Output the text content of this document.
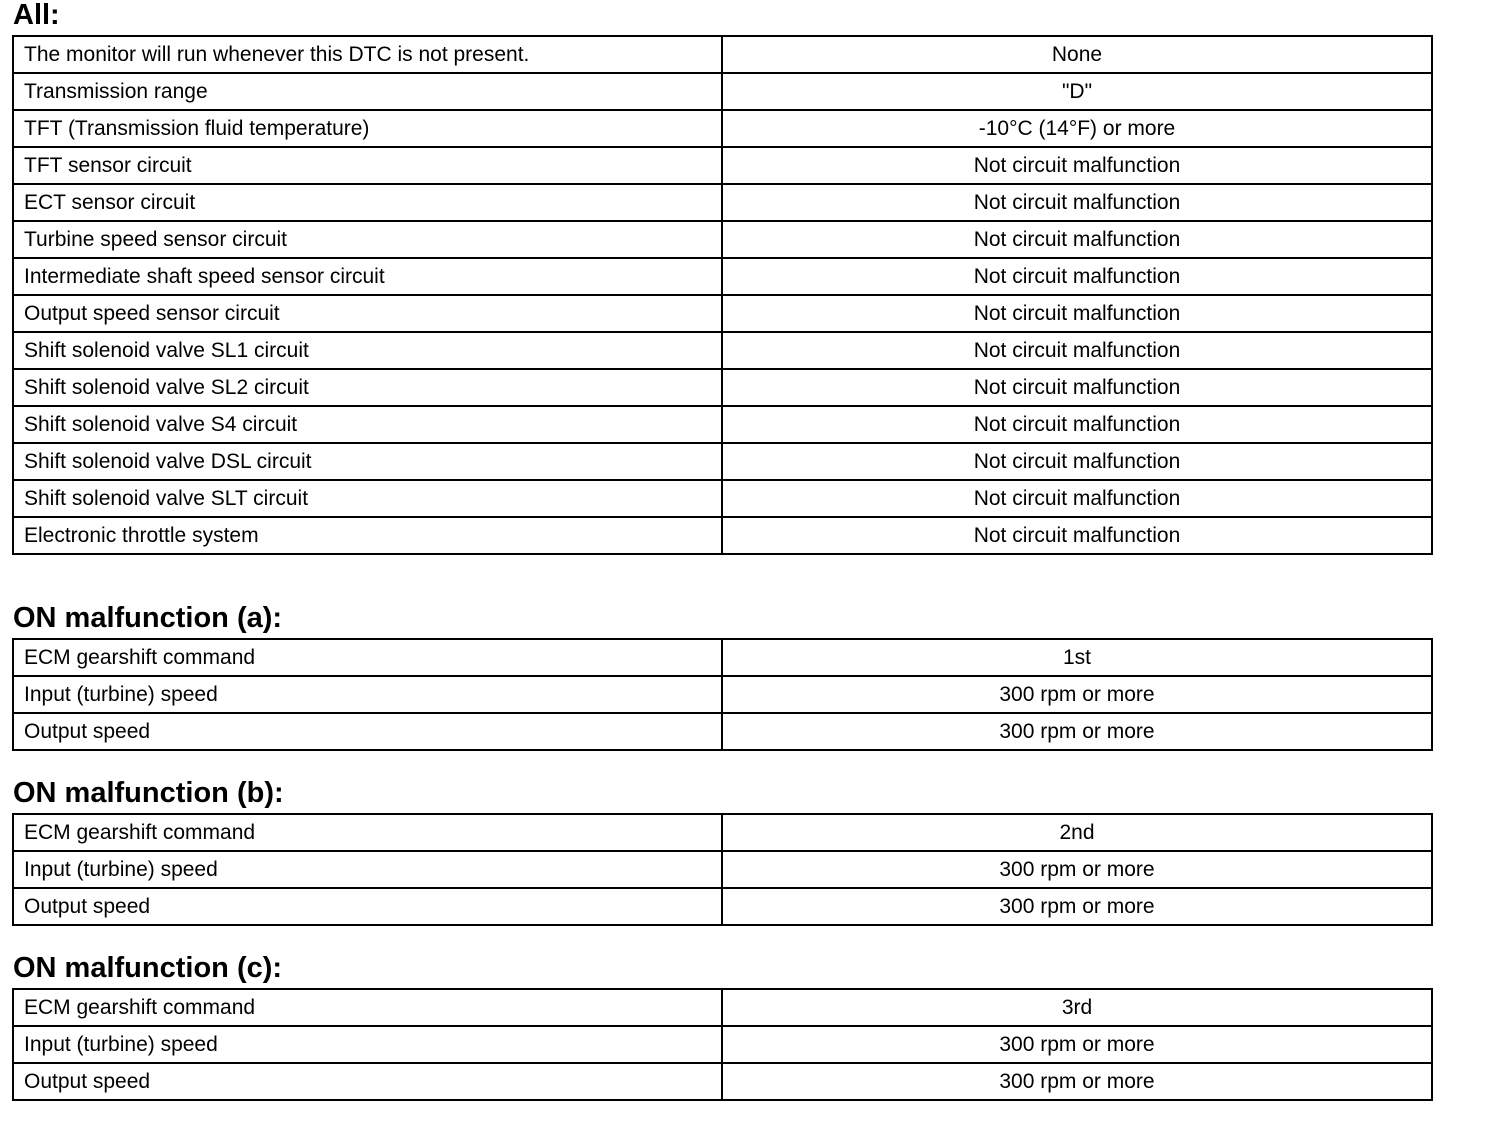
All:
The monitor will run whenever this DTC is not present.	None
Transmission range	"D"
TFT (Transmission fluid temperature)	-10°C (14°F) or more
TFT sensor circuit	Not circuit malfunction
ECT sensor circuit	Not circuit malfunction
Turbine speed sensor circuit	Not circuit malfunction
Intermediate shaft speed sensor circuit	Not circuit malfunction
Output speed sensor circuit	Not circuit malfunction
Shift solenoid valve SL1 circuit	Not circuit malfunction
Shift solenoid valve SL2 circuit	Not circuit malfunction
Shift solenoid valve S4 circuit	Not circuit malfunction
Shift solenoid valve DSL circuit	Not circuit malfunction
Shift solenoid valve SLT circuit	Not circuit malfunction
Electronic throttle system	Not circuit malfunction
ON malfunction (a):
ECM gearshift command	1st
Input (turbine) speed	300 rpm or more
Output speed	300 rpm or more
ON malfunction (b):
ECM gearshift command	2nd
Input (turbine) speed	300 rpm or more
Output speed	300 rpm or more
ON malfunction (c):
ECM gearshift command	3rd
Input (turbine) speed	300 rpm or more
Output speed	300 rpm or more
